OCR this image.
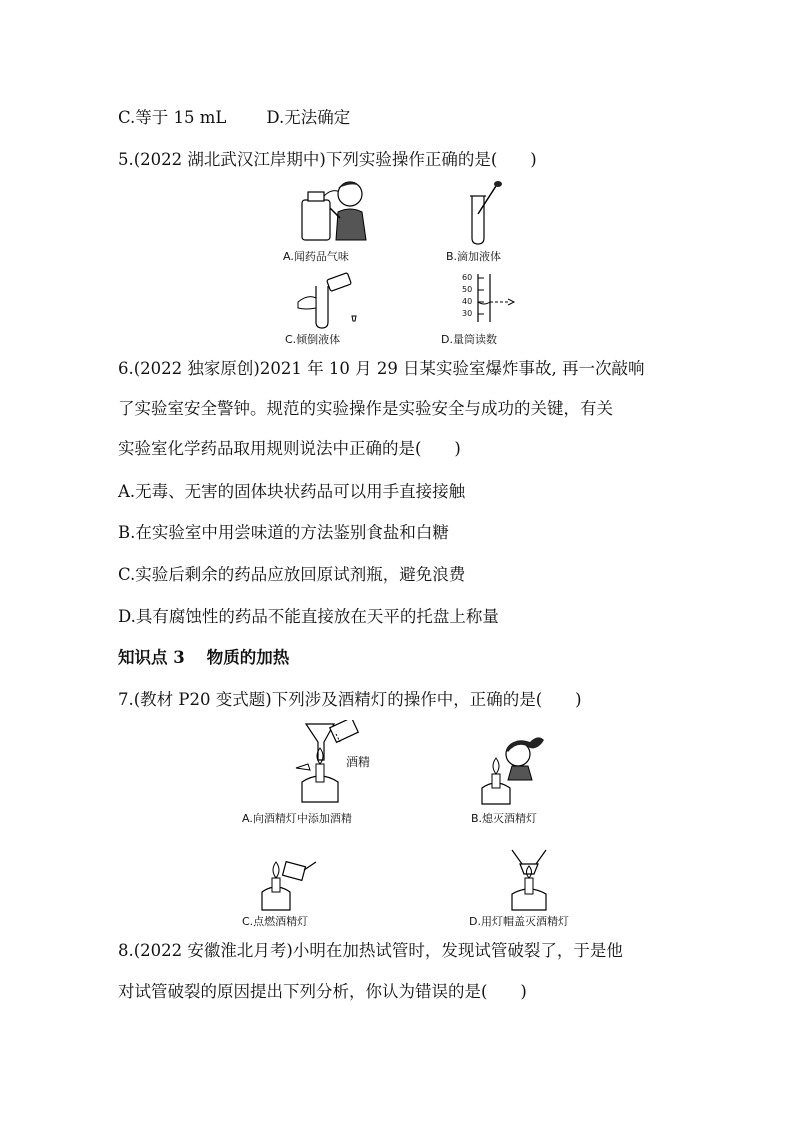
C.等于 15 mL D.无法确定
5.(2022 湖北武汉江岸期中)下列实验操作正确的是(　　)
A.闻药品气味	B.滴加液体
C.倾倒液体
60
50
40
30
D.量筒读数
6.(2022 独家原创)2021 年 10 月 29 日某实验室爆炸事故, 再一次敲响
了实验室安全警钟。规范的实验操作是实验安全与成功的关键，有关
实验室化学药品取用规则说法中正确的是(　　)
A.无毒、无害的固体块状药品可以用手直接接触
B.在实验室中用尝味道的方法鉴别食盐和白糖
C.实验后剩余的药品应放回原试剂瓶，避免浪费
D.具有腐蚀性的药品不能直接放在天平的托盘上称量
知识点 3 物质的加热
7.(教材 P20 变式题)下列涉及酒精灯的操作中，正确的是(　　)
酒精
A.向酒精灯中添加酒精	B.熄灭酒精灯
C.点燃酒精灯	D.用灯帽盖灭酒精灯
8.(2022 安徽淮北月考)小明在加热试管时，发现试管破裂了，于是他
对试管破裂的原因提出下列分析，你认为错误的是(　　)
